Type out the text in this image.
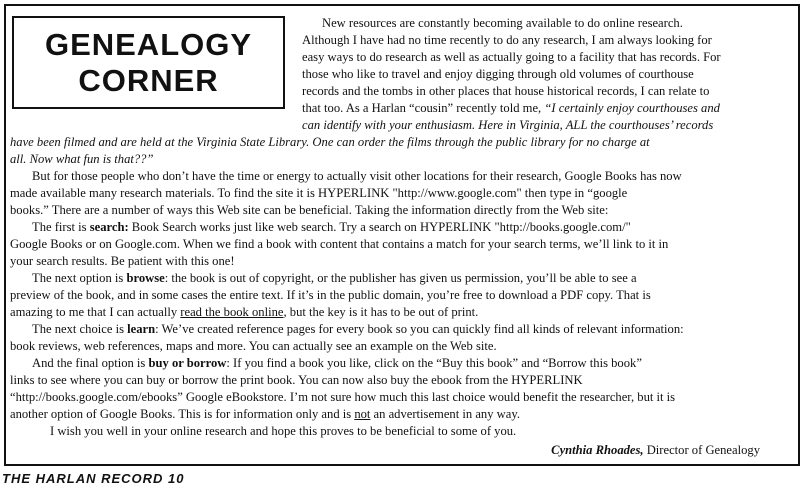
GENEALOGY
CORNER
New resources are constantly becoming available to do online research.
Although I have had no time recently to do any research, I am always looking for
easy ways to do research as well as actually going to a facility that has records. For
those who like to travel and enjoy digging through old volumes of courthouse
records and the tombs in other places that house historical records, I can relate to
that too. As a Harlan “cousin” recently told me, “I certainly enjoy courthouses and
can identify with your enthusiasm. Here in Virginia, ALL the courthouses’ records
have been filmed and are held at the Virginia State Library. One can order the films through the public library for no charge at
all. Now what fun is that??”
But for those people who don’t have the time or energy to actually visit other locations for their research, Google Books has now
made available many research materials. To find the site it is HYPERLINK "http://www.google.com" then type in “google
books.” There are a number of ways this Web site can be beneficial. Taking the information directly from the Web site:
The first is search: Book Search works just like web search. Try a search on HYPERLINK "http://books.google.com/"
Google Books or on Google.com. When we find a book with content that contains a match for your search terms, we’ll link to it in
your search results. Be patient with this one!
The next option is browse: the book is out of copyright, or the publisher has given us permission, you’ll be able to see a
preview of the book, and in some cases the entire text. If it’s in the public domain, you’re free to download a PDF copy. That is
amazing to me that I can actually read the book online, but the key is it has to be out of print.
The next choice is learn: We’ve created reference pages for every book so you can quickly find all kinds of relevant information:
book reviews, web references, maps and more. You can actually see an example on the Web site.
And the final option is buy or borrow: If you find a book you like, click on the “Buy this book” and “Borrow this book”
links to see where you can buy or borrow the print book. You can now also buy the ebook from the HYPERLINK
“http://books.google.com/ebooks” Google eBookstore. I’m not sure how much this last choice would benefit the researcher, but it is
another option of Google Books. This is for information only and is not an advertisement in any way.
I wish you well in your online research and hope this proves to be beneficial to some of you.
Cynthia Rhoades, Director of Genealogy
THE HARLAN RECORD 10
